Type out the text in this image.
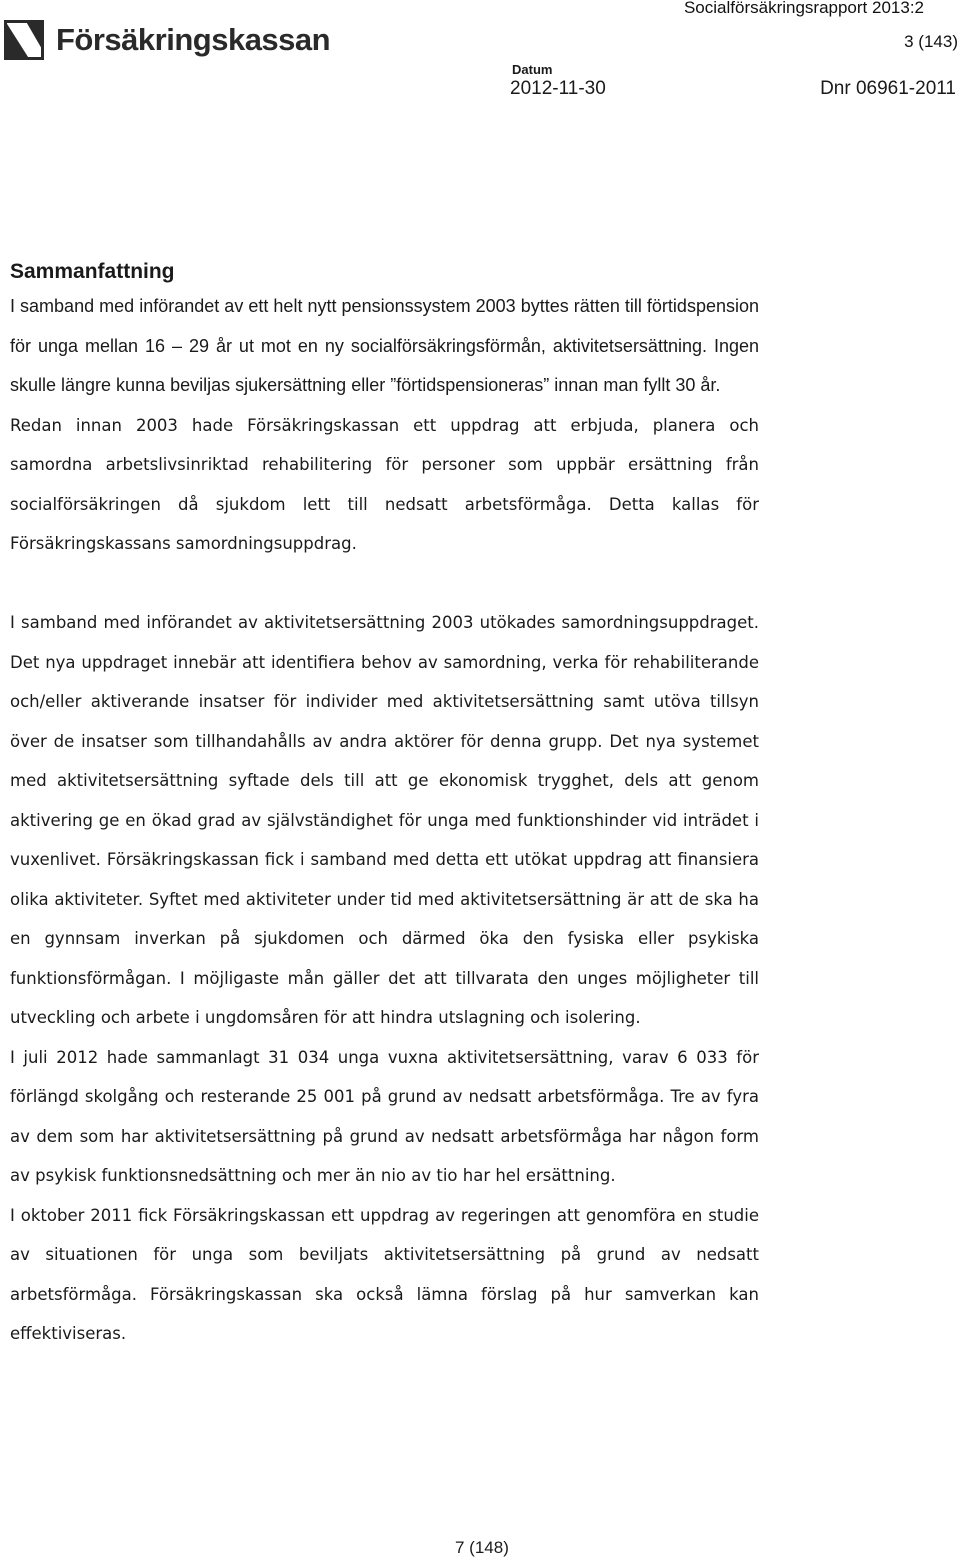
Försäkringskassan
Socialförsäkringsrapport 2013:2
3 (143)
Datum
2012-11-30	Dnr 06961-2011
Sammanfattning

I samband med införandet av ett helt nytt pensionssystem 2003 byttes rätten till förtidspension för unga mellan 16 – 29 år ut mot en ny socialförsäkringsförmån, aktivitetsersättning. Ingen skulle längre kunna beviljas sjukersättning eller ”förtidspensioneras” innan man fyllt 30 år.

Redan innan 2003 hade Försäkringskassan ett uppdrag att erbjuda, planera och samordna arbetslivsinriktad rehabilitering för personer som uppbär ersättning från socialförsäkringen då sjukdom lett till nedsatt arbetsförmåga. Detta kallas för Försäkringskassans samordningsuppdrag.

I samband med införandet av aktivitetsersättning 2003 utökades samordningsuppdraget. Det nya uppdraget innebär att identifiera behov av samordning, verka för rehabiliterande och/eller aktiverande insatser för individer med aktivitetsersättning samt utöva tillsyn över de insatser som tillhandahålls av andra aktörer för denna grupp. Det nya systemet med aktivitetsersättning syftade dels till att ge ekonomisk trygghet, dels att genom aktivering ge en ökad grad av självständighet för unga med funktionshinder vid inträdet i vuxenlivet. Försäkringskassan fick i samband med detta ett utökat uppdrag att finansiera olika aktiviteter. Syftet med aktiviteter under tid med aktivitetsersättning är att de ska ha en gynnsam inverkan på sjukdomen och därmed öka den fysiska eller psykiska funktionsförmågan. I möjligaste mån gäller det att tillvarata den unges möjligheter till utveckling och arbete i ungdomsåren för att hindra utslagning och isolering.

I juli 2012 hade sammanlagt 31 034 unga vuxna aktivitetsersättning, varav 6 033 för förlängd skolgång och resterande 25 001 på grund av nedsatt arbetsförmåga. Tre av fyra av dem som har aktivitetsersättning på grund av nedsatt arbetsförmåga har någon form av psykisk funktionsnedsättning och mer än nio av tio har hel ersättning.

I oktober 2011 fick Försäkringskassan ett uppdrag av regeringen att genomföra en studie av situationen för unga som beviljats aktivitetsersättning på grund av nedsatt arbetsförmåga. Försäkringskassan ska också lämna förslag på hur samverkan kan effektiviseras.

7 (148)
